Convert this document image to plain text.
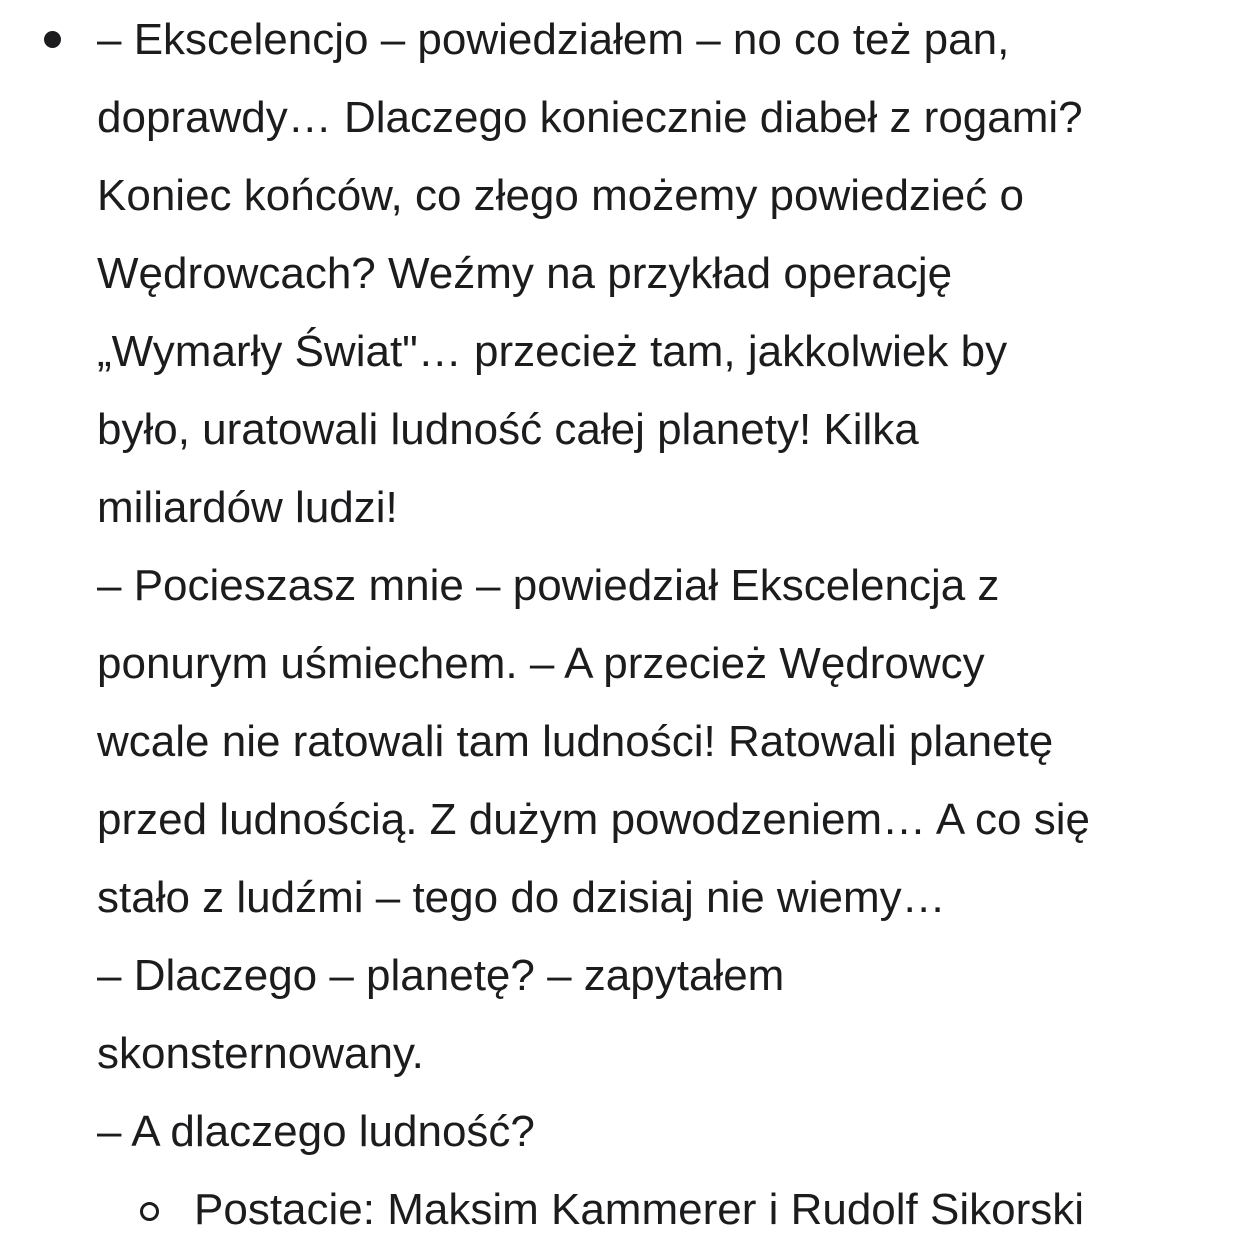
– Ekscelencjo – powiedziałem – no co też pan,
doprawdy… Dlaczego koniecznie diabeł z rogami?
Koniec końców, co złego możemy powiedzieć o
Wędrowcach? Weźmy na przykład operację
„Wymarły Świat"… przecież tam, jakkolwiek by
było, uratowali ludność całej planety! Kilka
miliardów ludzi!
– Pocieszasz mnie – powiedział Ekscelencja z
ponurym uśmiechem. – A przecież Wędrowcy
wcale nie ratowali tam ludności! Ratowali planetę
przed ludnością. Z dużym powodzeniem… A co się
stało z ludźmi – tego do dzisiaj nie wiemy…
– Dlaczego – planetę? – zapytałem
skonsternowany.
– A dlaczego ludność?
Postacie: Maksim Kammerer i Rudolf Sikorski
